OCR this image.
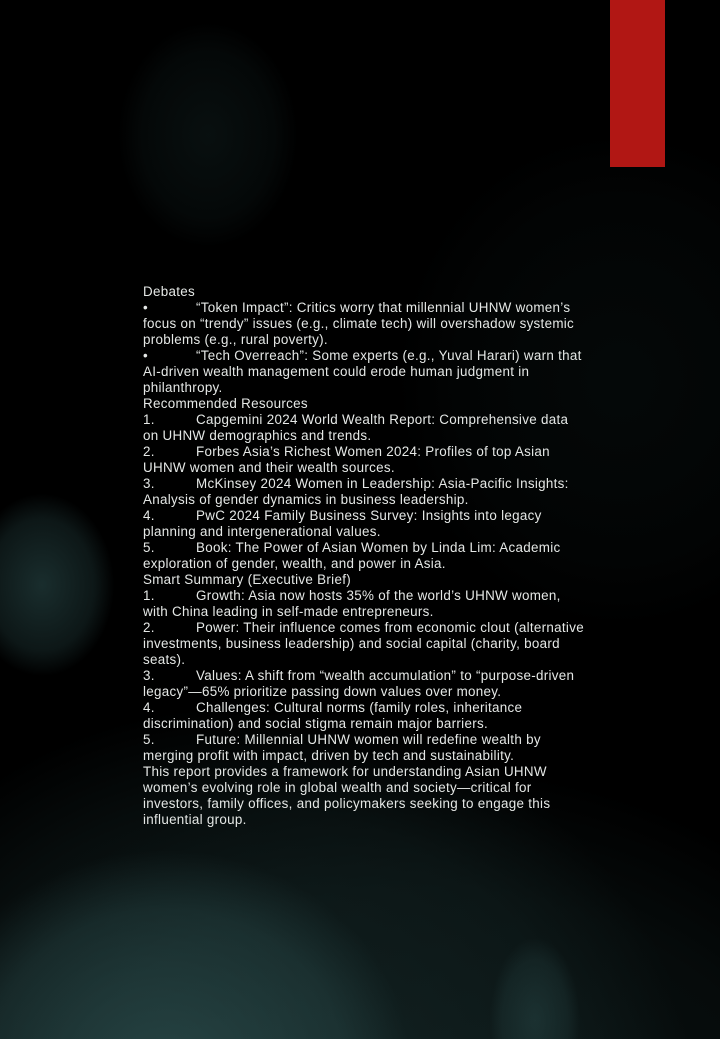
Debates
•	“Token Impact”: Critics worry that millennial UHNW women’s focus on “trendy” issues (e.g., climate tech) will overshadow systemic problems (e.g., rural poverty).
•	“Tech Overreach”: Some experts (e.g., Yuval Harari) warn that AI-driven wealth management could erode human judgment in philanthropy.
Recommended Resources
1.	Capgemini 2024 World Wealth Report: Comprehensive data on UHNW demographics and trends.
2.	Forbes Asia’s Richest Women 2024: Profiles of top Asian UHNW women and their wealth sources.
3.	McKinsey 2024 Women in Leadership: Asia-Pacific Insights: Analysis of gender dynamics in business leadership.
4.	PwC 2024 Family Business Survey: Insights into legacy planning and intergenerational values.
5.	Book: The Power of Asian Women by Linda Lim: Academic exploration of gender, wealth, and power in Asia.
Smart Summary (Executive Brief)
1.	Growth: Asia now hosts 35% of the world’s UHNW women, with China leading in self-made entrepreneurs.
2.	Power: Their influence comes from economic clout (alternative investments, business leadership) and social capital (charity, board seats).
3.	Values: A shift from “wealth accumulation” to “purpose-driven legacy”—65% prioritize passing down values over money.
4.	Challenges: Cultural norms (family roles, inheritance discrimination) and social stigma remain major barriers.
5.	Future: Millennial UHNW women will redefine wealth by merging profit with impact, driven by tech and sustainability.
This report provides a framework for understanding Asian UHNW women’s evolving role in global wealth and society—critical for investors, family offices, and policymakers seeking to engage this influential group.
